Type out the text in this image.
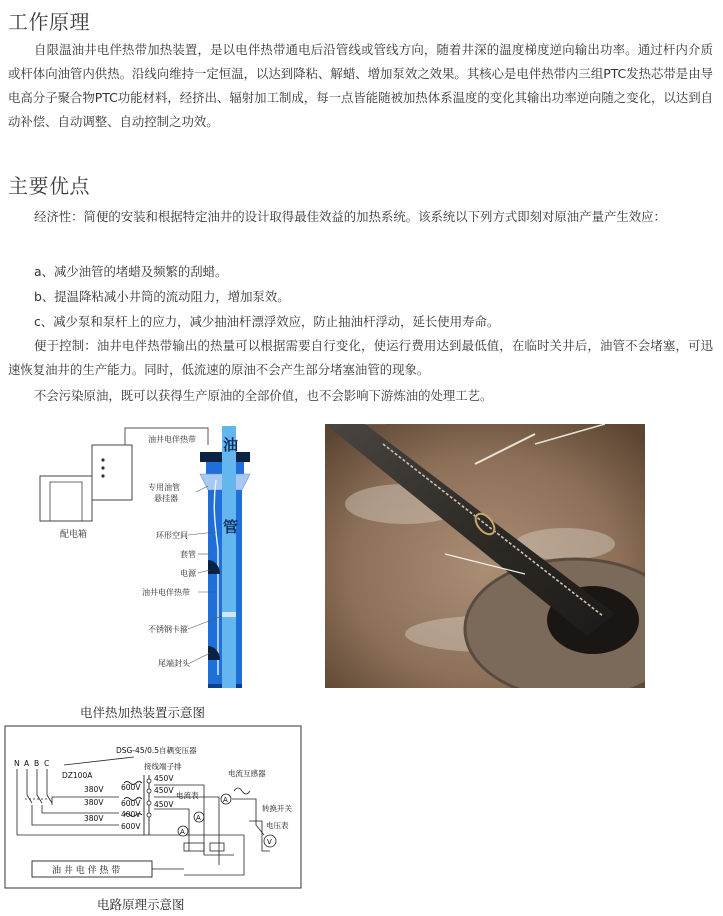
工作原理

自限温油井电伴热带加热装置，是以电伴热带通电后沿管线或管线方向，随着井深的温度梯度逆向输出功率。通过杆内介质或杆体向油管内供热。沿线向维持一定恒温，以达到降粘、解蜡、增加泵效之效果。其核心是电伴热带内三组PTC发热芯带是由导电高分子聚合物PTC功能材料，经挤出、辐射加工制成，每一点皆能随被加热体系温度的变化其输出功率逆向随之变化，以达到自动补偿、自动调整、自动控制之功效。

主要优点

经济性：简便的安装和根据特定油井的设计取得最佳效益的加热系统。该系统以下列方式即刻对原油产量产生效应：

a、减少油管的堵蜡及频繁的刮蜡。
b、提温降粘减小井筒的流动阻力，增加泵效。
c、减少泵和泵杆上的应力，减少抽油杆漂浮效应，防止抽油杆浮动，延长使用寿命。

便于控制：油井电伴热带输出的热量可以根据需要自行变化，使运行费用达到最低值，在临时关井后，油管不会堵塞，可迅速恢复油井的生产能力。同时，低流速的原油不会产生部分堵塞油管的现象。

不会污染原油，既可以获得生产原油的全部价值，也不会影响下游炼油的处理工艺。
配电箱
油井电伴热带 油
管
专用油管
悬挂器
环形空间
套管
电源
油井电伴热带
不锈钢卡箍
尾端封头
电伴热加热装置示意图
N A B C
DZ100A
DSG-45/0.5自耦变压器
接线端子排
电流互感器
转换开关
电压表
电流表
380V
380V
380V
450V
450V
450V
600V
600V
400V
600V
A
A
A
V
油 井 电 伴 热 带
电路原理示意图
